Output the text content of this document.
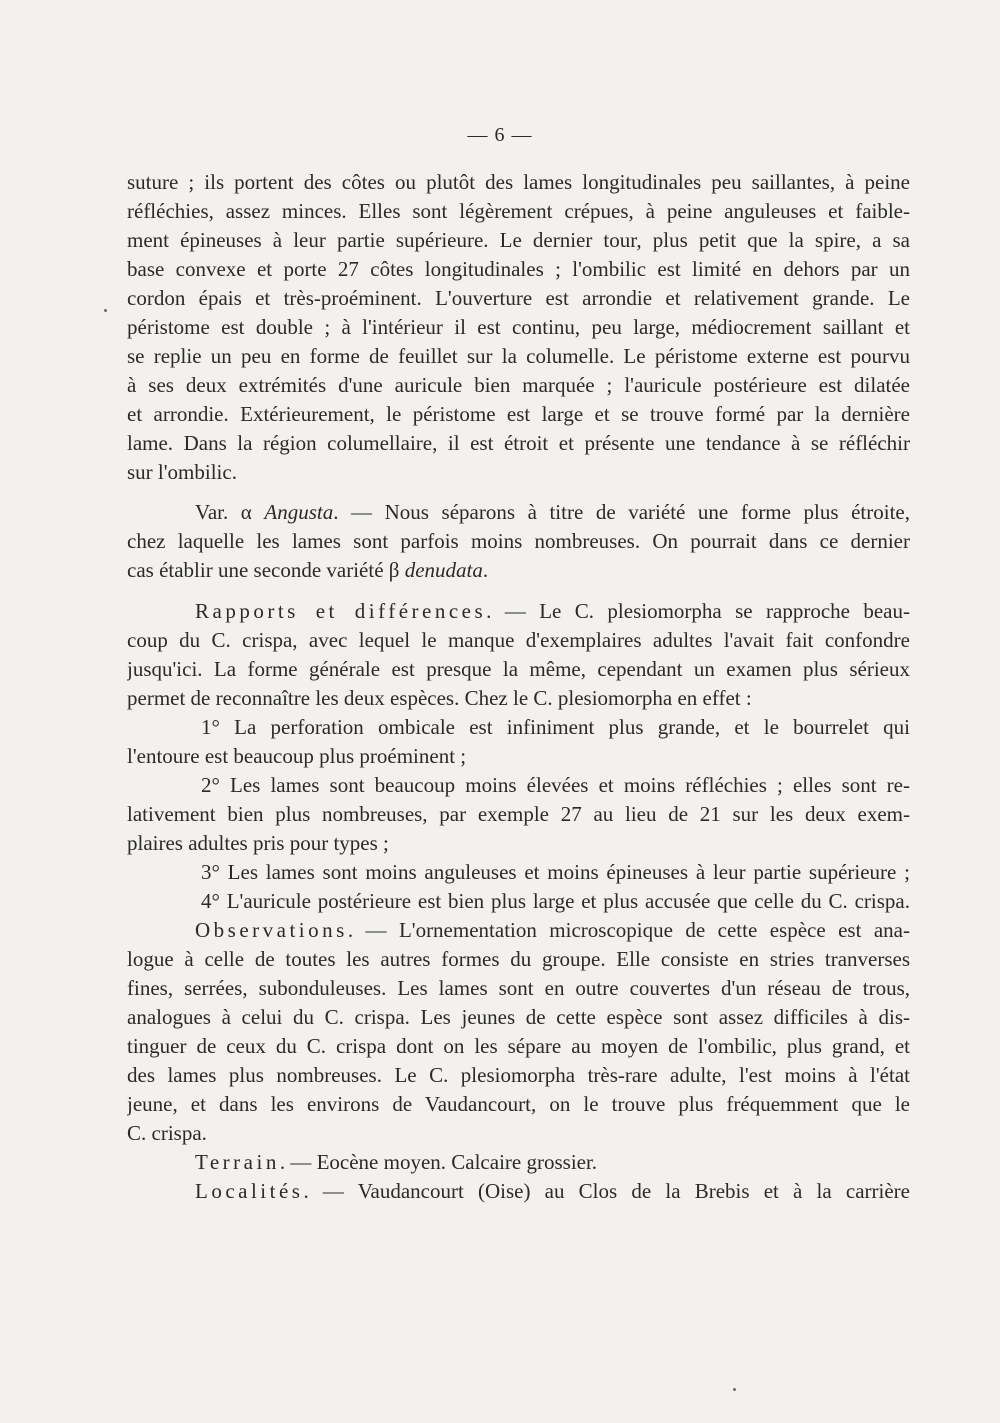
— 6 —
suture ; ils portent des côtes ou plutôt des lames longitudinales peu saillantes, à peine
réfléchies, assez minces. Elles sont légèrement crépues, à peine anguleuses et faible-
ment épineuses à leur partie supérieure. Le dernier tour, plus petit que la spire, a sa
base convexe et porte 27 côtes longitudinales ; l'ombilic est limité en dehors par un
cordon épais et très-proéminent. L'ouverture est arrondie et relativement grande. Le
péristome est double ; à l'intérieur il est continu, peu large, médiocrement saillant et
se replie un peu en forme de feuillet sur la columelle. Le péristome externe est pourvu
à ses deux extrémités d'une auricule bien marquée ; l'auricule postérieure est dilatée
et arrondie. Extérieurement, le péristome est large et se trouve formé par la dernière
lame. Dans la région columellaire, il est étroit et présente une tendance à se réfléchir
sur l'ombilic.
Var. α Angusta. — Nous séparons à titre de variété une forme plus étroite,
chez laquelle les lames sont parfois moins nombreuses. On pourrait dans ce dernier
cas établir une seconde variété β denudata.
Rapports et différences. — Le C. plesiomorpha se rapproche beau-
coup du C. crispa, avec lequel le manque d'exemplaires adultes l'avait fait confondre
jusqu'ici. La forme générale est presque la même, cependant un examen plus sérieux
permet de reconnaître les deux espèces. Chez le C. plesiomorpha en effet :
1° La perforation ombicale est infiniment plus grande, et le bourrelet qui
l'entoure est beaucoup plus proéminent ;
2° Les lames sont beaucoup moins élevées et moins réfléchies ; elles sont re-
lativement bien plus nombreuses, par exemple 27 au lieu de 21 sur les deux exem-
plaires adultes pris pour types ;
3° Les lames sont moins anguleuses et moins épineuses à leur partie supérieure ;
4° L'auricule postérieure est bien plus large et plus accusée que celle du C. crispa.
Observations. — L'ornementation microscopique de cette espèce est ana-
logue à celle de toutes les autres formes du groupe. Elle consiste en stries tranverses
fines, serrées, subonduleuses. Les lames sont en outre couvertes d'un réseau de trous,
analogues à celui du C. crispa. Les jeunes de cette espèce sont assez difficiles à dis-
tinguer de ceux du C. crispa dont on les sépare au moyen de l'ombilic, plus grand, et
des lames plus nombreuses. Le C. plesiomorpha très-rare adulte, l'est moins à l'état
jeune, et dans les environs de Vaudancourt, on le trouve plus fréquemment que le
C. crispa.
Terrain. — Eocène moyen. Calcaire grossier.
Localités. — Vaudancourt (Oise) au Clos de la Brebis et à la carrière
